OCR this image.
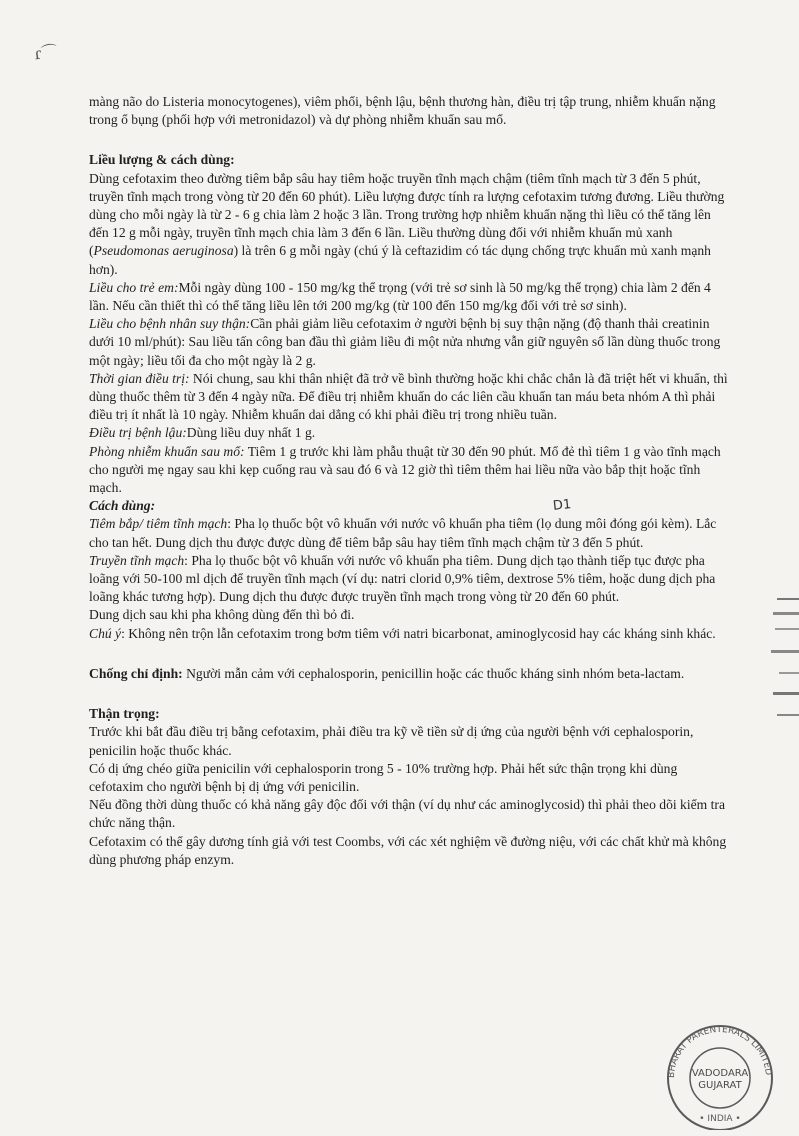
ɾ⌒

màng não do Listeria monocytogenes), viêm phổi, bệnh lậu, bệnh thương hàn, điều trị tập trung, nhiễm khuẩn nặng trong ổ bụng (phối hợp với metronidazol) và dự phòng nhiễm khuẩn sau mổ.

Liều lượng & cách dùng:

Dùng cefotaxim theo đường tiêm bắp sâu hay tiêm hoặc truyền tĩnh mạch chậm (tiêm tĩnh mạch từ 3 đến 5 phút, truyền tĩnh mạch trong vòng từ 20 đến 60 phút). Liều lượng được tính ra lượng cefotaxim tương đương. Liều thường dùng cho mỗi ngày là từ 2 - 6 g chia làm 2 hoặc 3 lần. Trong trường hợp nhiễm khuẩn nặng thì liều có thể tăng lên đến 12 g mỗi ngày, truyền tĩnh mạch chia làm 3 đến 6 lần. Liều thường dùng đối với nhiễm khuẩn mủ xanh (Pseudomonas aeruginosa) là trên 6 g mỗi ngày (chú ý là ceftazidim có tác dụng chống trực khuẩn mủ xanh mạnh hơn).

Liều cho trẻ em:Mỗi ngày dùng 100 - 150 mg/kg thể trọng (với trẻ sơ sinh là 50 mg/kg thể trọng) chia làm 2 đến 4 lần. Nếu cần thiết thì có thể tăng liều lên tới 200 mg/kg (từ 100 đến 150 mg/kg đối với trẻ sơ sinh).

Liều cho bệnh nhân suy thận:Cần phải giảm liều cefotaxim ở người bệnh bị suy thận nặng (độ thanh thải creatinin dưới 10 ml/phút): Sau liều tấn công ban đầu thì giảm liều đi một nửa nhưng vẫn giữ nguyên số lần dùng thuốc trong một ngày; liều tối đa cho một ngày là 2 g.

Thời gian điều trị: Nói chung, sau khi thân nhiệt đã trở về bình thường hoặc khi chắc chắn là đã triệt hết vi khuẩn, thì dùng thuốc thêm từ 3 đến 4 ngày nữa. Để điều trị nhiễm khuẩn do các liên cầu khuẩn tan máu beta nhóm A thì phải điều trị ít nhất là 10 ngày. Nhiễm khuẩn dai dẳng có khi phải điều trị trong nhiều tuần.

Điều trị bệnh lậu:Dùng liều duy nhất 1 g.

Phòng nhiễm khuẩn sau mổ: Tiêm 1 g trước khi làm phẫu thuật từ 30 đến 90 phút. Mổ đẻ thì tiêm 1 g vào tĩnh mạch cho người mẹ ngay sau khi kẹp cuống rau và sau đó 6 và 12 giờ thì tiêm thêm hai liều nữa vào bắp thịt hoặc tĩnh mạch.

Cách dùng:

Tiêm bắp/ tiêm tĩnh mạch: Pha lọ thuốc bột vô khuẩn với nước vô khuẩn pha tiêm (lọ dung môi đóng gói kèm). Lắc cho tan hết. Dung dịch thu được được dùng để tiêm bắp sâu hay tiêm tĩnh mạch chậm từ 3 đến 5 phút.

Truyền tĩnh mạch: Pha lọ thuốc bột vô khuẩn với nước vô khuẩn pha tiêm. Dung dịch tạo thành tiếp tục được pha loãng với 50-100 ml dịch để truyền tĩnh mạch (ví dụ: natri clorid 0,9% tiêm, dextrose 5% tiêm, hoặc dung dịch pha loãng khác tương hợp). Dung dịch thu được được truyền tĩnh mạch trong vòng từ 20 đến 60 phút.

Dung dịch sau khi pha không dùng đến thì bỏ đi.

Chú ý: Không nên trộn lẫn cefotaxim trong bơm tiêm với natri bicarbonat, aminoglycosid hay các kháng sinh khác.

Chống chỉ định: Người mẫn cảm với cephalosporin, penicillin hoặc các thuốc kháng sinh nhóm beta-lactam.

Thận trọng:

Trước khi bắt đầu điều trị bằng cefotaxim, phải điều tra kỹ về tiền sử dị ứng của người bệnh với cephalosporin, penicilin hoặc thuốc khác.

Có dị ứng chéo giữa penicilin với cephalosporin trong 5 - 10% trường hợp. Phải hết sức thận trọng khi dùng cefotaxim cho người bệnh bị dị ứng với penicilin.

Nếu đồng thời dùng thuốc có khả năng gây độc đối với thận (ví dụ như các aminoglycosid) thì phải theo dõi kiểm tra chức năng thận.

Cefotaxim có thể gây dương tính giả với test Coombs, với các xét nghiệm về đường niệu, với các chất khử mà không dùng phương pháp enzym.

D1
BHARAT PARENTERALS LIMITED
VADODARA
GUJARAT
• INDIA •
